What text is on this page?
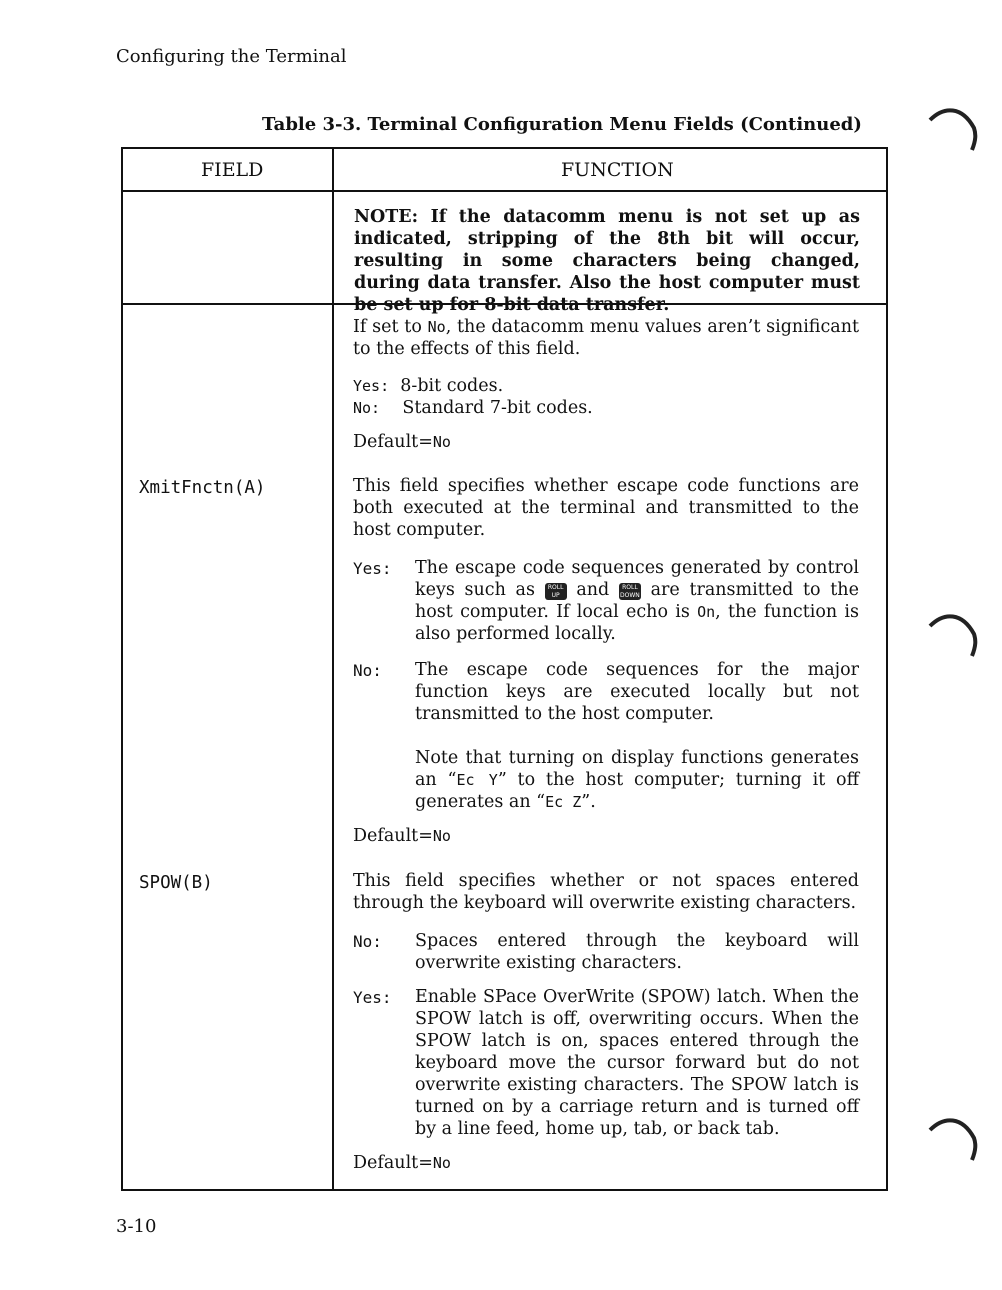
Configuring the Terminal
Table 3-3. Terminal Configuration Menu Fields (Continued)
FIELD	FUNCTION
NOTE: If the datacomm menu is not set up as indicated, stripping of the 8th bit will occur, resulting in some characters being changed, during data transfer. Also the host computer must be set up for 8-bit data transfer.
If set to No, the datacomm menu values aren’t significant to the effects of this field.
Yes: 8-bit codes.
No: Standard 7-bit codes.
Default=No
XmitFnctn(A)	This field specifies whether escape code functions are both executed at the terminal and transmitted to the host computer.
Yes: The escape code sequences generated by control keys such as ROLL UP and ROLL DOWN are transmitted to the host computer. If local echo is On, the function is also performed locally.
No: The escape code sequences for the major function keys are executed locally but not transmitted to the host computer.
Note that turning on display functions generates an “Ec Y” to the host computer; turning it off generates an “Ec Z”.
Default=No
SPOW(B)	This field specifies whether or not spaces entered through the keyboard will overwrite existing characters.
No: Spaces entered through the keyboard will overwrite existing characters.
Yes: Enable SPace OverWrite (SPOW) latch. When the SPOW latch is off, overwriting occurs. When the SPOW latch is on, spaces entered through the keyboard move the cursor forward but do not overwrite existing characters. The SPOW latch is turned on by a carriage return and is turned off by a line feed, home up, tab, or back tab.
Default=No
3-10
